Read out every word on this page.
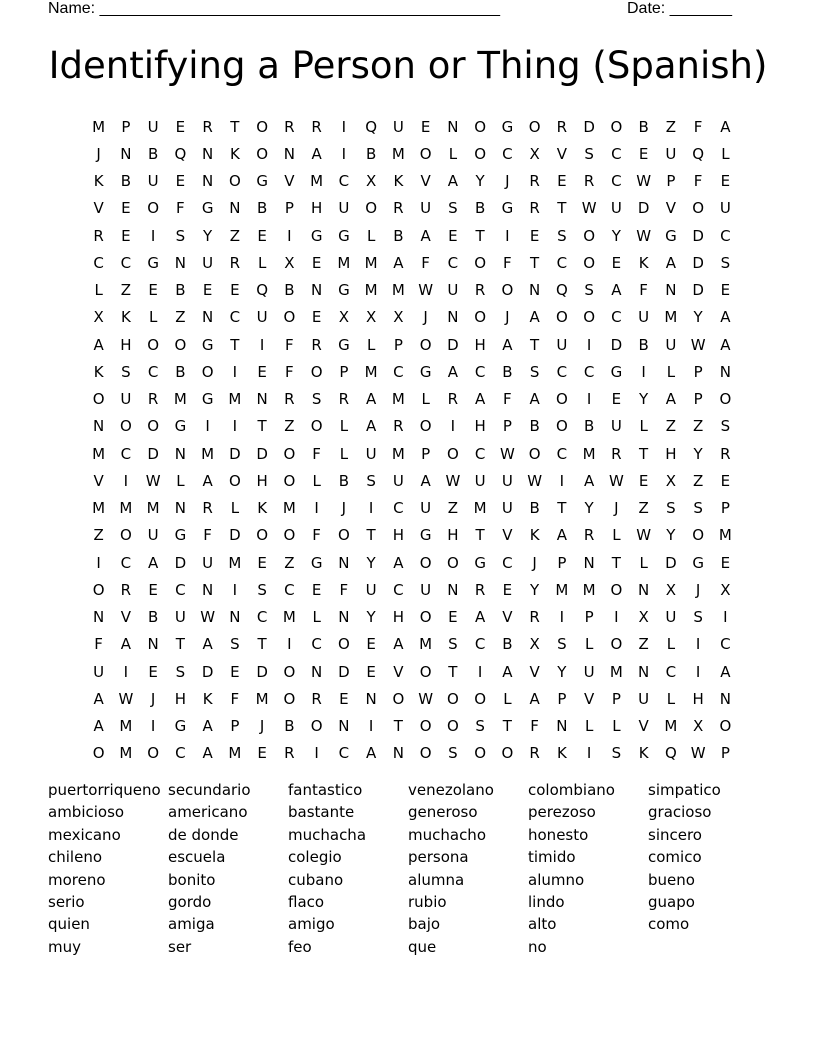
Name: _____________________________________________	Date: _______
Identifying a Person or Thing (Spanish)
M	P	U	E	R	T	O	R	R	I	Q	U	E	N	O	G	O	R	D	O	B	Z	F	A
J	N	B	Q	N	K	O	N	A	I	B	M O	L	O	C	X	V	S	C	E	U	Q	L
K	B	U	E	N	O	G	V	M	C	X	K	V	A	Y	J	R	E	R	C W	P	F	E
V	E	O	F	G	N	B	P	H	U	O	R	U	S	B	G	R	T	W U	D	V	O	U
R	E	I	S	Y	Z	E	I	G	G	L	B	A	E	T	I	E	S	O	Y	W G	D	C
C	C	G	N	U	R	L	X	E	M M	A	F	C	O	F	T	C	O	E	K	A	D	S
L	Z	E	B	E	E	Q	B	N	G M M W U	R	O	N	Q	S	A	F	N	D	E
X	K	L	Z	N	C	U	O	E	X	X	X	J	N	O	J	A	O	O	C	U	M	Y	A
A	H	O	O	G	T	I	F	R	G	L	P	O	D	H	A	T	U	I	D	B	U W A
K	S	C	B	O	I	E	F	O	P	M	C	G	A	C	B	S	C	C	G	I	L	P	N
O	U	R	M G M	N	R	S	R	A	M	L	R	A	F	A	O	I	E	Y	A	P	O
N	O	O	G	I	I	T	Z	O	L	A	R	O	I	H	P	B	O	B	U	L	Z	Z	S
M	C	D	N	M	D	D	O	F	L	U	M	P	O	C W O	C	M	R	T	H	Y	R
V	I	W	L	A	O	H	O	L	B	S	U	A W U	U W	I	A W	E	X	Z	E
M M M	N	R	L	K	M	I	J	I	C	U	Z	M	U	B	T	Y	J	Z	S	S	P
Z	O	U	G	F	D	O	O	F	O	T	H	G	H	T	V	K	A	R	L	W	Y	O M
I	C	A	D	U	M	E	Z	G	N	Y	A	O	O	G	C	J	P	N	T	L	D	G	E
O	R	E	C	N	I	S	C	E	F	U	C	U	N	R	E	Y	M M O	N	X	J	X
N	V	B	U W N	C	M	L	N	Y	H	O	E	A	V	R	I	P	I	X	U	S	I
F	A	N	T	A	S	T	I	C	O	E	A	M	S	C	B	X	S	L	O	Z	L	I	C
U	I	E	S	D	E	D	O	N	D	E	V	O	T	I	A	V	Y	U	M	N	C	I	A
A W	J	H	K	F	M O	R	E	N	O W O	O	L	A	P	V	P	U	L	H	N
A	M	I	G	A	P	J	B	O	N	I	T	O	O	S	T	F	N	L	L	V	M	X	O
O M O	C	A	M	E	R	I	C	A	N	O	S	O	O	R	K	I	S	K	Q W	P
puertorriqueno secundario	fantastico	venezolano	colombiano	simpatico
ambicioso	americano	bastante	generoso	perezoso	gracioso
mexicano	de donde	muchacha	muchacho	honesto	sincero
chileno	escuela	colegio	persona	timido	comico
moreno	bonito	cubano	alumna	alumno	bueno
serio	gordo	flaco	rubio	lindo	guapo
quien	amiga	amigo	bajo	alto	como
muy	ser	feo	que	no
